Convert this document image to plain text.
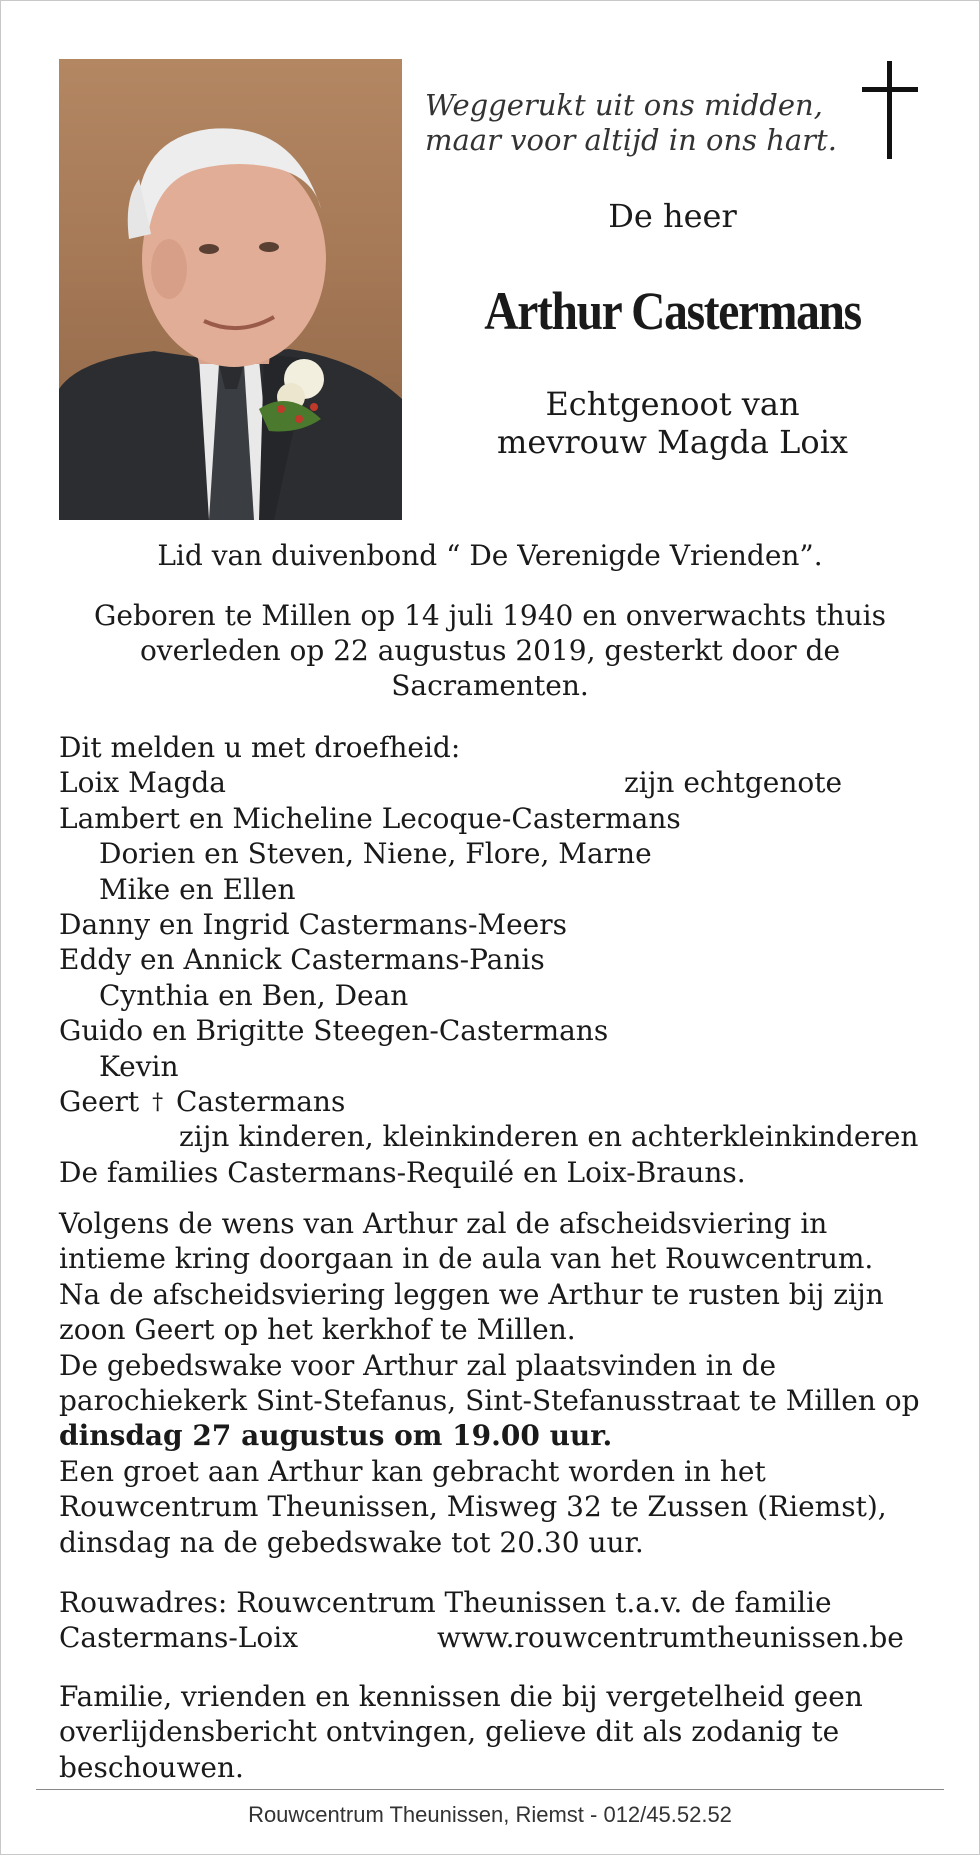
Weggerukt uit ons midden,
maar voor altijd in ons hart.
De heer
Arthur Castermans
Echtgenoot van
mevrouw Magda Loix
Lid van duivenbond “ De Verenigde Vrienden”.
Geboren te Millen op 14 juli 1940 en onverwachts thuis
overleden op 22 augustus 2019, gesterkt door de
Sacramenten.
Dit melden u met droefheid:
Loix Magda	zijn echtgenote
Lambert en Micheline Lecoque-Castermans
Dorien en Steven, Niene, Flore, Marne
Mike en Ellen
Danny en Ingrid Castermans-Meers
Eddy en Annick Castermans-Panis
Cynthia en Ben, Dean
Guido en Brigitte Steegen-Castermans
Kevin
Geert † Castermans
zijn kinderen, kleinkinderen en achterkleinkinderen
De families Castermans-Requilé en Loix-Brauns.
Volgens de wens van Arthur zal de afscheidsviering in
intieme kring doorgaan in de aula van het Rouwcentrum.
Na de afscheidsviering leggen we Arthur te rusten bij zijn
zoon Geert op het kerkhof te Millen.
De gebedswake voor Arthur zal plaatsvinden in de
parochiekerk Sint-Stefanus, Sint-Stefanusstraat te Millen op
dinsdag 27 augustus om 19.00 uur.
Een groet aan Arthur kan gebracht worden in het
Rouwcentrum Theunissen, Misweg 32 te Zussen (Riemst),
dinsdag na de gebedswake tot 20.30 uur.
Rouwadres: Rouwcentrum Theunissen t.a.v. de familie
Castermans-Loix	www.rouwcentrumtheunissen.be
Familie, vrienden en kennissen die bij vergetelheid geen
overlijdensbericht ontvingen, gelieve dit als zodanig te
beschouwen.
Rouwcentrum Theunissen, Riemst - 012/45.52.52
